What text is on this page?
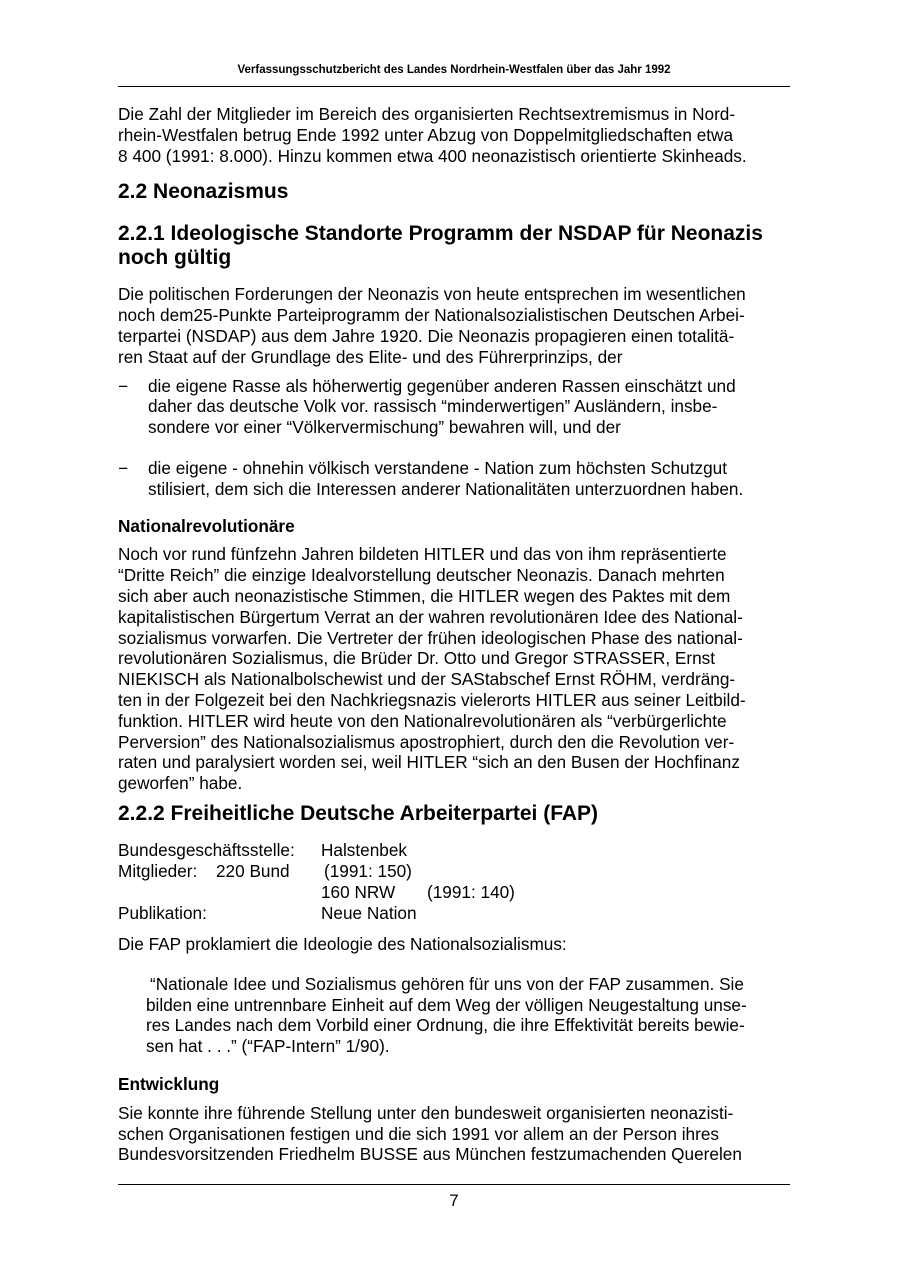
Verfassungsschutzbericht des Landes Nordrhein-Westfalen über das Jahr 1992

Die Zahl der Mitglieder im Bereich des organisierten Rechtsextremismus in Nord-

rhein-Westfalen betrug Ende 1992 unter Abzug von Doppelmitgliedschaften etwa

8 400 (1991: 8.000). Hinzu kommen etwa 400 neonazistisch orientierte Skinheads.

2.2 Neonazismus
2.2.1 Ideologische Standorte Programm der NSDAP für Neonazis
noch gültig

Die politischen Forderungen der Neonazis von heute entsprechen im wesentlichen

noch dem25-Punkte Parteiprogramm der Nationalsozialistischen Deutschen Arbei-

terpartei (NSDAP) aus dem Jahre 1920. Die Neonazis propagieren einen totalitä-

ren Staat auf der Grundlage des Elite- und des Führerprinzips, der

− die eigene Rasse als höherwertig gegenüber anderen Rassen einschätzt und
daher das deutsche Volk vor. rassisch “minderwertigen” Ausländern, insbe-
sondere vor einer “Völkervermischung” bewahren will, und der
− die eigene - ohnehin völkisch verstandene - Nation zum höchsten Schutzgut
stilisiert, dem sich die Interessen anderer Nationalitäten unterzuordnen haben.
Nationalrevolutionäre

Noch vor rund fünfzehn Jahren bildeten HITLER und das von ihm repräsentierte

“Dritte Reich” die einzige Idealvorstellung deutscher Neonazis. Danach mehrten

sich aber auch neonazistische Stimmen, die HITLER wegen des Paktes mit dem

kapitalistischen Bürgertum Verrat an der wahren revolutionären Idee des National-

sozialismus vorwarfen. Die Vertreter der frühen ideologischen Phase des national-

revolutionären Sozialismus, die Brüder Dr. Otto und Gregor STRASSER, Ernst

NIEKISCH als Nationalbolschewist und der SAStabschef Ernst RÖHM, verdräng-

ten in der Folgezeit bei den Nachkriegsnazis vielerorts HITLER aus seiner Leitbild-

funktion. HITLER wird heute von den Nationalrevolutionären als “verbürgerlichte

Perversion” des Nationalsozialismus apostrophiert, durch den die Revolution ver-

raten und paralysiert worden sei, weil HITLER “sich an den Busen der Hochfinanz

geworfen” habe.

2.2.2 Freiheitliche Deutsche Arbeiterpartei (FAP)
Bundesgeschäftsstelle: Halstenbek
Mitglieder: 220 Bund (1991: 150)
160 NRW (1991: 140)
Publikation:	Neue Nation

Die FAP proklamiert die Ideologie des Nationalsozialismus:

“Nationale Idee und Sozialismus gehören für uns von der FAP zusammen. Sie

bilden eine untrennbare Einheit auf dem Weg der völligen Neugestaltung unse-

res Landes nach dem Vorbild einer Ordnung, die ihre Effektivität bereits bewie-

sen hat . . .” (“FAP-Intern” 1/90).

Entwicklung

Sie konnte ihre führende Stellung unter den bundesweit organisierten neonazisti-

schen Organisationen festigen und die sich 1991 vor allem an der Person ihres

Bundesvorsitzenden Friedhelm BUSSE aus München festzumachenden Querelen

7
